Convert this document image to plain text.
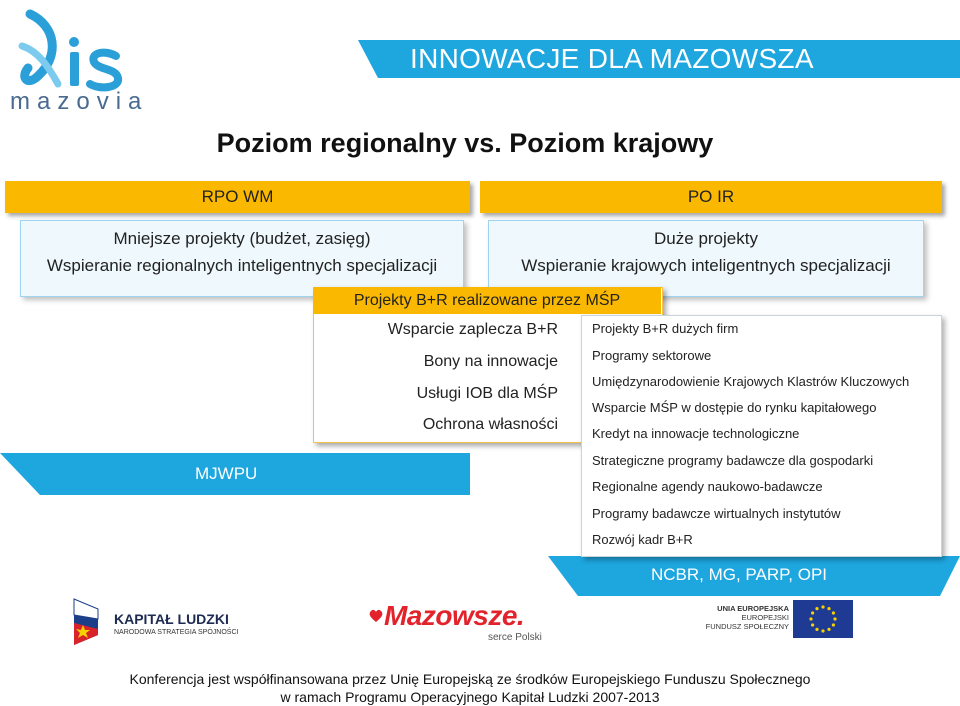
INNOWACJE DLA MAZOWSZA
mazovia
Poziom regionalny vs. Poziom krajowy
RPO WM	PO IR
Mniejsze projekty (budżet, zasięg)
Wspieranie regionalnych inteligentnych specjalizacji
Duże projekty
Wspieranie krajowych inteligentnych specjalizacji
MJWPU
NCBR, MG, PARP, OPI
Projekty B+R realizowane przez MŚP
Wsparcie zaplecza B+R
Bony na innowacje
Usługi IOB dla MŚP
Ochrona własności
Projekty B+R dużych firm
Programy sektorowe
Umiędzynarodowienie Krajowych Klastrów Kluczowych
Wsparcie MŚP w dostępie do rynku kapitałowego
Kredyt na innowacje technologiczne
Strategiczne programy badawcze dla gospodarki
Regionalne agendy naukowo-badawcze
Programy badawcze wirtualnych instytutów
Rozwój kadr B+R
KAPITAŁ LUDZKI
NARODOWA STRATEGIA SPÓJNOŚCI
Mazowsze.
serce Polski
UNIA EUROPEJSKA
EUROPEJSKI
FUNDUSZ SPOŁECZNY
Konferencja jest współfinansowana przez Unię Europejską ze środków Europejskiego Funduszu Społecznego
w ramach Programu Operacyjnego Kapitał Ludzki 2007-2013
